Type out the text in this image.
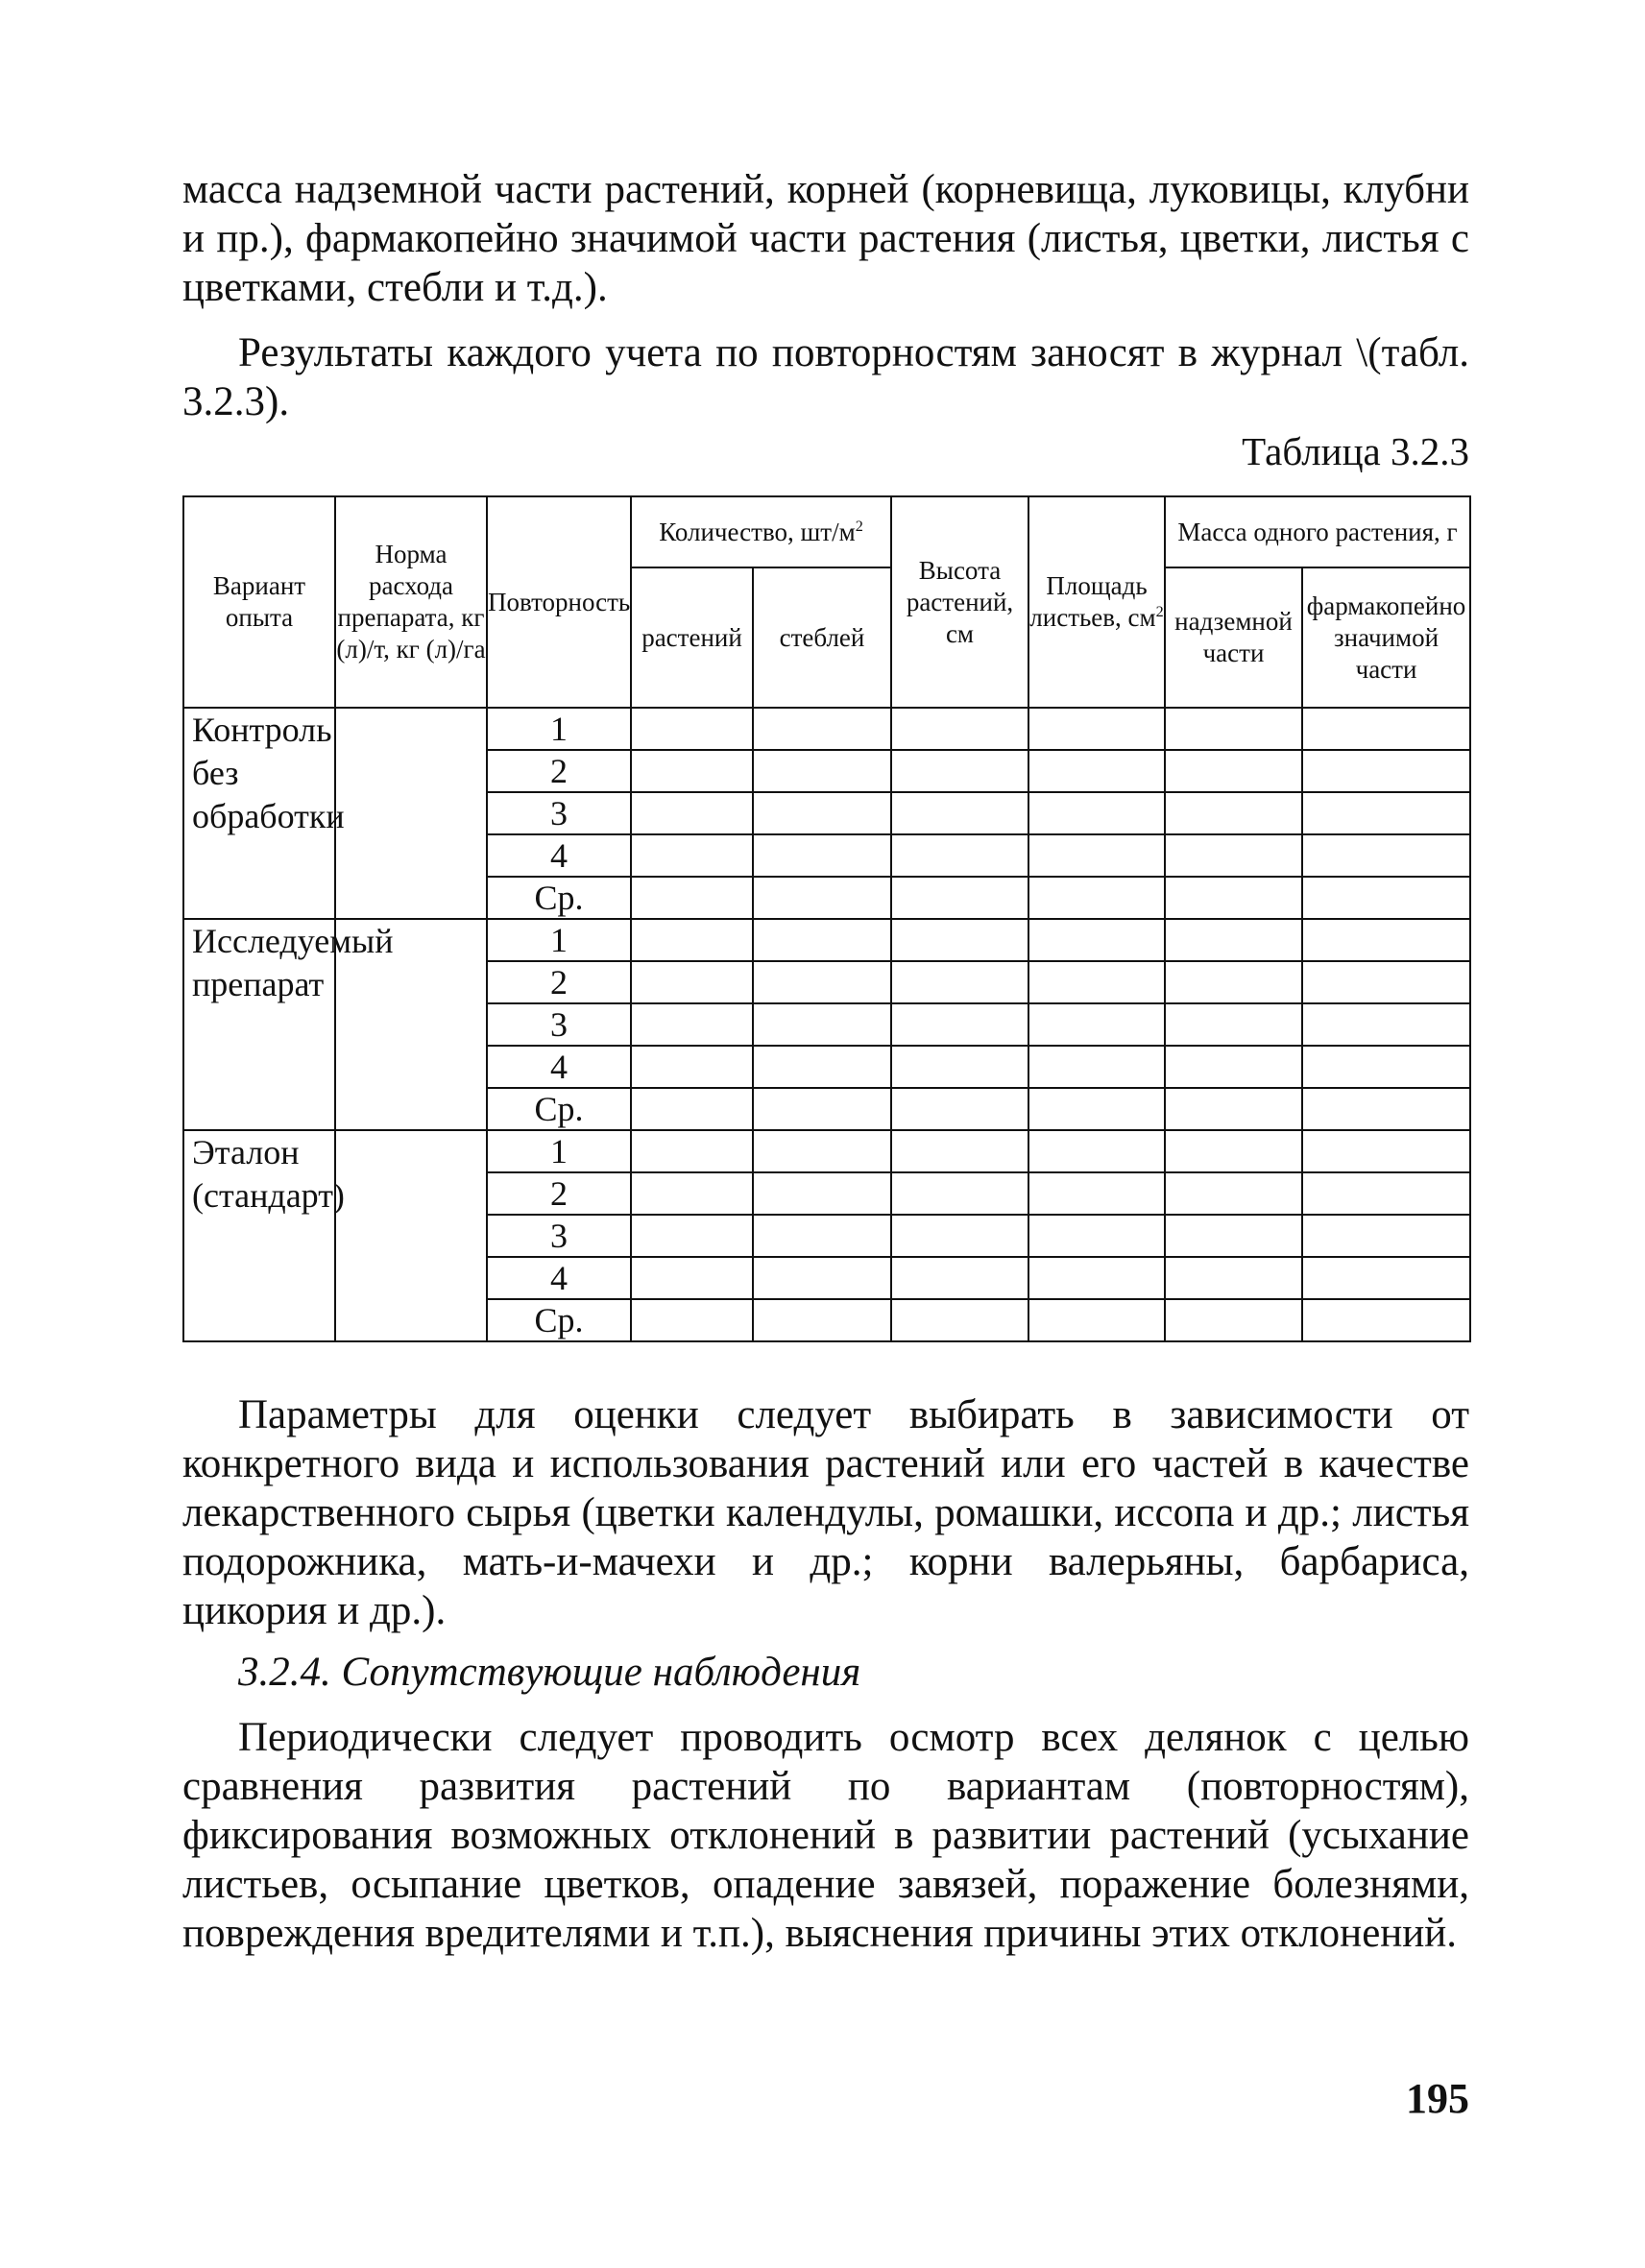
масса надземной части растений, корней (корневища, луковицы, клубни и пр.), фармакопейно значимой части растения (листья, цветки, листья с цветками, стебли и т.д.).

Результаты каждого учета по повторностям заносят в журнал \(табл. 3.2.3).

Таблица 3.2.3
Вариант опыта	Норма расхода препарата, кг (л)/т, кг (л)/га	Повторность	Количество, $шт/м^2$		Высота растений, см	Площадь листьев, $см^2$	Масса одного растения, г	
			растений	стеблей			надземной части	фармакопейно значимой части
Контроль без обработки		1						
		2						
		3						
		4						
		Ср.						
Исследуемый препарат		1						
		2						
		3						
		4						
		Ср.						
Эталон (стандарт)		1						
		2						
		3						
		4						
		Ср.						

Параметры для оценки следует выбирать в зависимости от конкретного вида и использования растений или его частей в качестве лекарственного сырья (цветки календулы, ромашки, иссопа и др.; листья подорожника, мать-и-мачехи и др.; корни валерьяны, барбариса, цикория и др.).

3.2.4. Сопутствующие наблюдения

Периодически следует проводить осмотр всех делянок с целью сравнения развития растений по вариантам (повторностям), фиксирования возможных отклонений в развитии растений (усыхание листьев, осыпание цветков, опадение завязей, поражение болезнями, повреждения вредителями и т.п.), выяснения причины этих отклонений.

195
